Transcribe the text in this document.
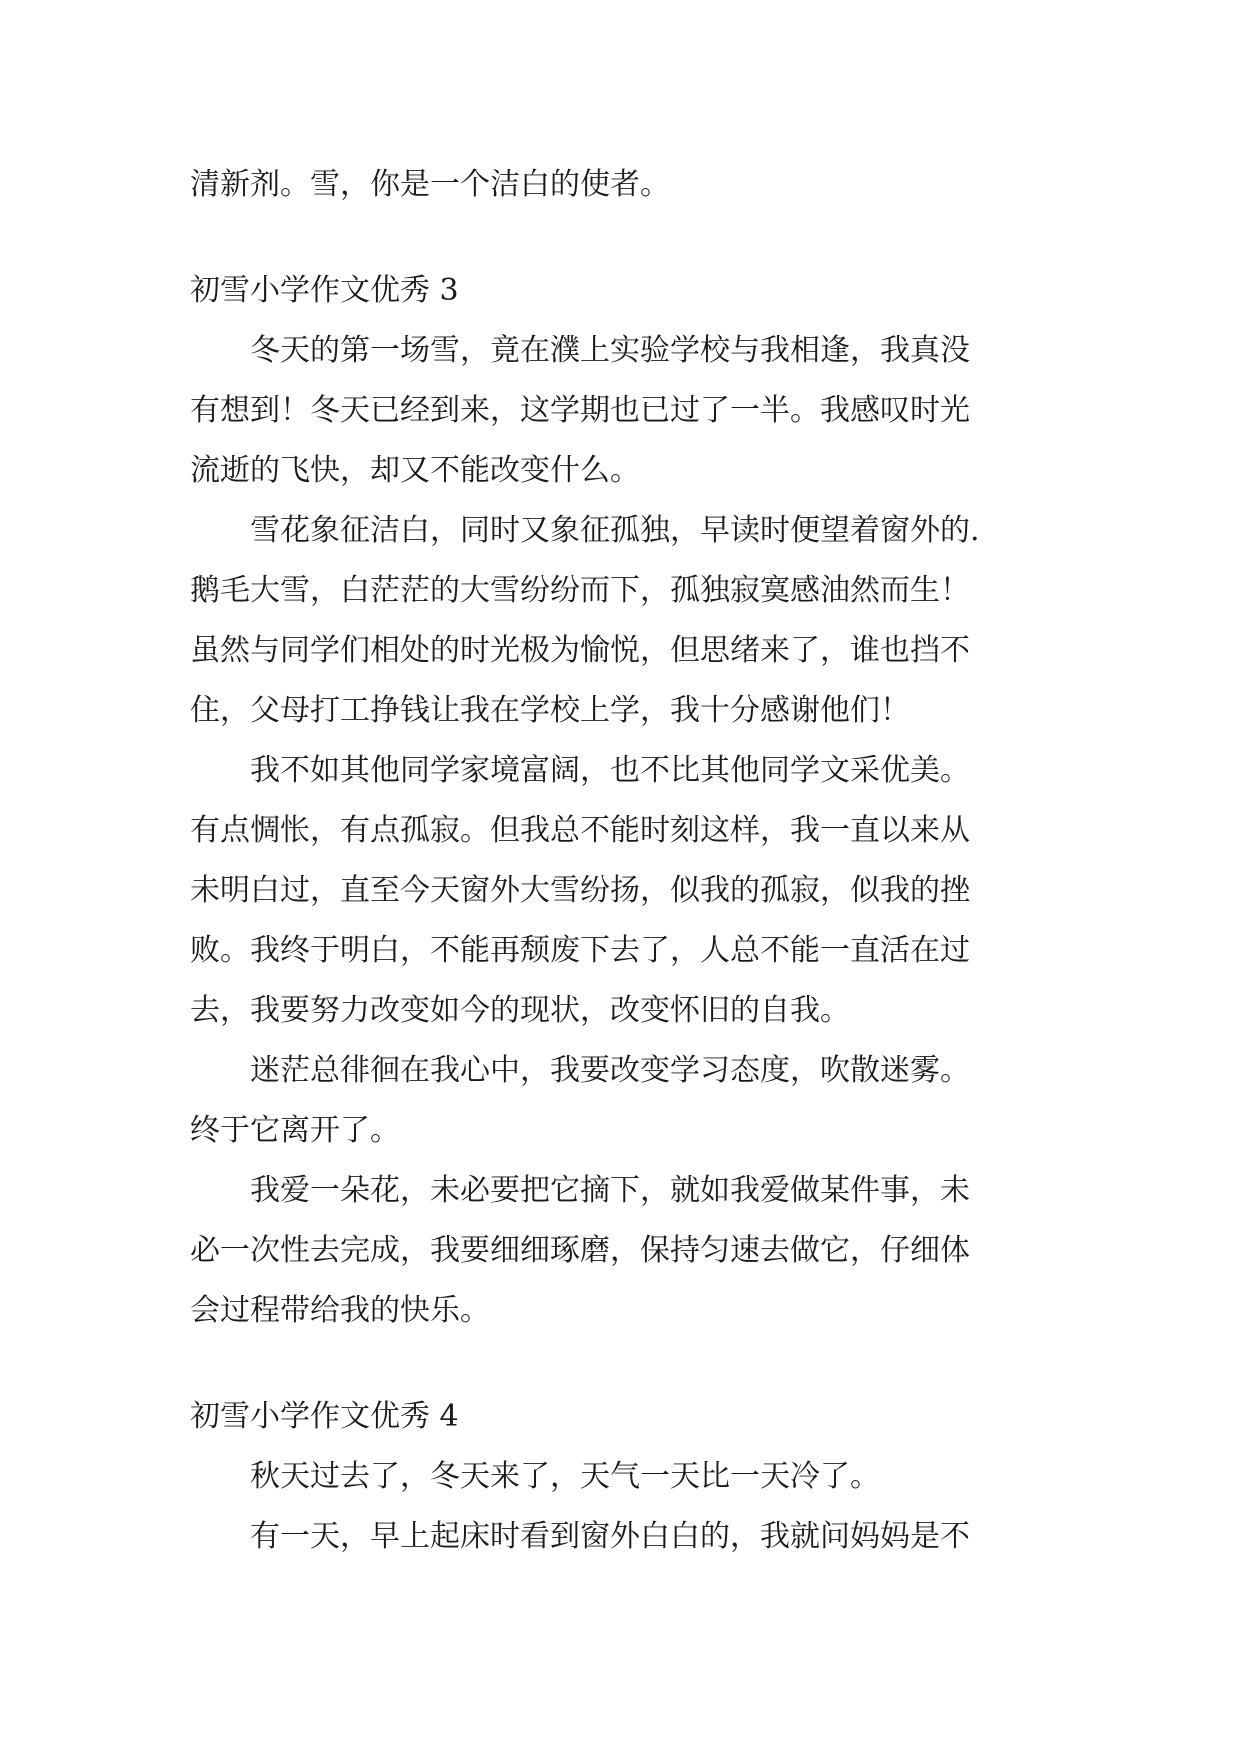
清新剂。雪，你是一个洁白的使者。
初雪小学作文优秀 3
冬天的第一场雪，竟在濮上实验学校与我相逢，我真没
有想到！冬天已经到来，这学期也已过了一半。我感叹时光
流逝的飞快，却又不能改变什么。
雪花象征洁白，同时又象征孤独，早读时便望着窗外的.
鹅毛大雪，白茫茫的大雪纷纷而下，孤独寂寞感油然而生！
虽然与同学们相处的时光极为愉悦，但思绪来了，谁也挡不
住，父母打工挣钱让我在学校上学，我十分感谢他们！
我不如其他同学家境富阔，也不比其他同学文采优美。
有点惆怅，有点孤寂。但我总不能时刻这样，我一直以来从
未明白过，直至今天窗外大雪纷扬，似我的孤寂，似我的挫
败。我终于明白，不能再颓废下去了，人总不能一直活在过
去，我要努力改变如今的现状，改变怀旧的自我。
迷茫总徘徊在我心中，我要改变学习态度，吹散迷雾。
终于它离开了。
我爱一朵花，未必要把它摘下，就如我爱做某件事，未
必一次性去完成，我要细细琢磨，保持匀速去做它，仔细体
会过程带给我的快乐。
初雪小学作文优秀 4
秋天过去了，冬天来了，天气一天比一天冷了。
有一天，早上起床时看到窗外白白的，我就问妈妈是不
